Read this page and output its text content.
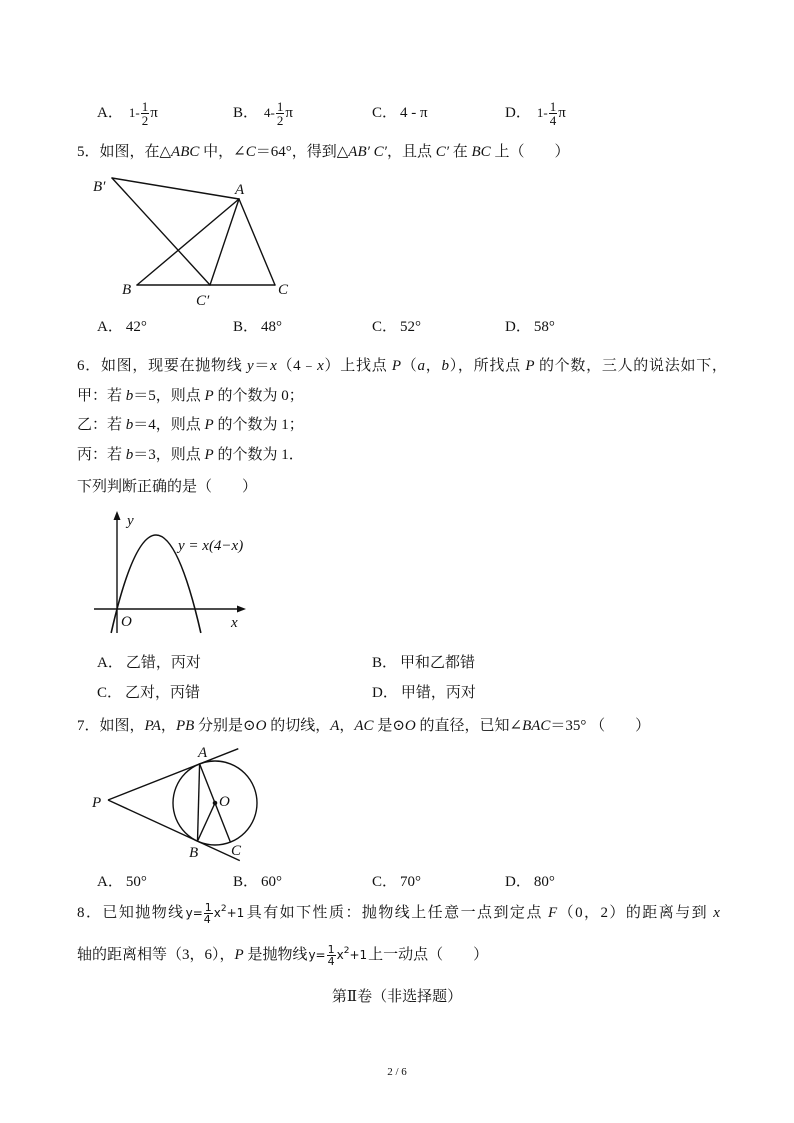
A． $1- \frac{1}{2}$ π	B． $4- \frac{1}{2}$ π	C． 4 - π	D． $1- \frac{1}{4}$ π
5．如图，在△ABC 中，∠C＝64°，得到△AB′ C′，且点 C′ 在 BC 上（　　）
B′	A
B
C′
C
A． 42°	B． 48°	C． 52°	D． 58°
6．如图，现要在抛物线 y＝x（4﹣x）上找点 P（a，b），所找点 P 的个数，三人的说法如下，
甲：若 b＝5，则点 P 的个数为 0；
乙：若 b＝4，则点 P 的个数为 1；
丙：若 b＝3，则点 P 的个数为 1．
下列判断正确的是（　　）
y
O	x
y = x(4−x)
A． 乙错，丙对	B． 甲和乙都错
C． 乙对，丙错	D． 甲错，丙对
7．如图，PA，PB 分别是⊙O 的切线，A，AC 是⊙O 的直径，已知∠BAC＝35° （　　）
P
A
O
B C
A． 50°	B． 60°	C． 70°	D． 80°
8．已知抛物线$y= \frac{1}{4} x^2+1$具有如下性质：抛物线上任意一点到定点 F（0，2）的距离与到 x
轴的距离相等（3，6），P 是抛物线$y= \frac{1}{4} x^2+1$上一动点（　　）
第Ⅱ卷（非选择题）
2 / 6
